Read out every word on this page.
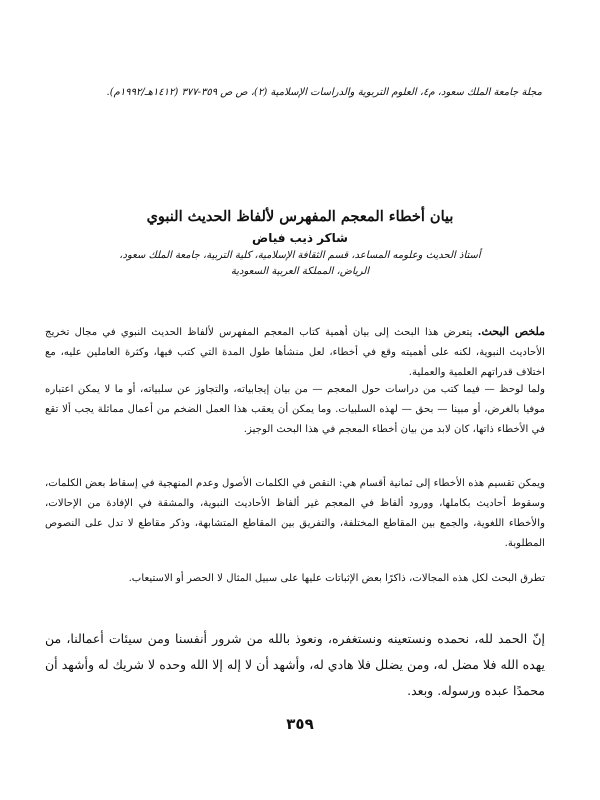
مجلة جامعة الملك سعود، م٤، العلوم التربوية والدراسات الإسلامية (٢)، ص ص ٣٥٩-٣٧٧ (١٤١٢هـ/١٩٩٢م).
بيان أخطاء المعجم المفهرس لألفاظ الحديث النبوي
شاكر ذيب فياض
أستاذ الحديث وعلومه المساعد، قسم الثقافة الإسلامية، كلية التربية، جامعة الملك سعود،
الرياض، المملكة العربية السعودية
ملخص البحث. يتعرض هذا البحث إلى بيان أهمية كتاب المعجم المفهرس لألفاظ الحديث النبوي في مجال تخريج الأحاديث النبوية، لكنه على أهميته وقع في أخطاء، لعل منشأها طول المدة التي كتب فيها، وكثرة العاملين عليه، مع اختلاف قدراتهم العلمية والعملية.
ولما لوحظ — فيما كتب من دراسات حول المعجم — من بيان إيجابياته، والتجاوز عن سلبياته، أو ما لا يمكن اعتباره موفيا بالغرض، أو مبينا — بحق — لهذه السلبيات. وما يمكن أن يعقب هذا العمل الضخم من أعمال مماثلة يجب ألا تقع في الأخطاء ذاتها، كان لابد من بيان أخطاء المعجم في هذا البحث الوجيز.
ويمكن تقسيم هذه الأخطاء إلى ثمانية أقسام هي: النقص في الكلمات الأصول وعدم المنهجية في إسقاط بعض الكلمات، وسقوط أحاديث بكاملها، وورود ألفاظ في المعجم غير ألفاظ الأحاديث النبوية، والمشقة في الإفادة من الإحالات، والأخطاء اللغوية، والجمع بين المقاطع المختلفة، والتفريق بين المقاطع المتشابهة، وذكر مقاطع لا تدل على النصوص المطلوبة.
تطرق البحث لكل هذه المجالات، ذاكرًا بعض الإثباتات عليها على سبيل المثال لا الحصر أو الاستيعاب.
إنّ الحمد لله، نحمده ونستعينه ونستغفره، ونعوذ بالله من شرور أنفسنا ومن سيئات أعمالنا، من يهده الله فلا مضل له، ومن يضلل فلا هادي له، وأشهد أن لا إله إلا الله وحده لا شريك له وأشهد أن محمدًا عبده ورسوله. وبعد.
٣٥٩
